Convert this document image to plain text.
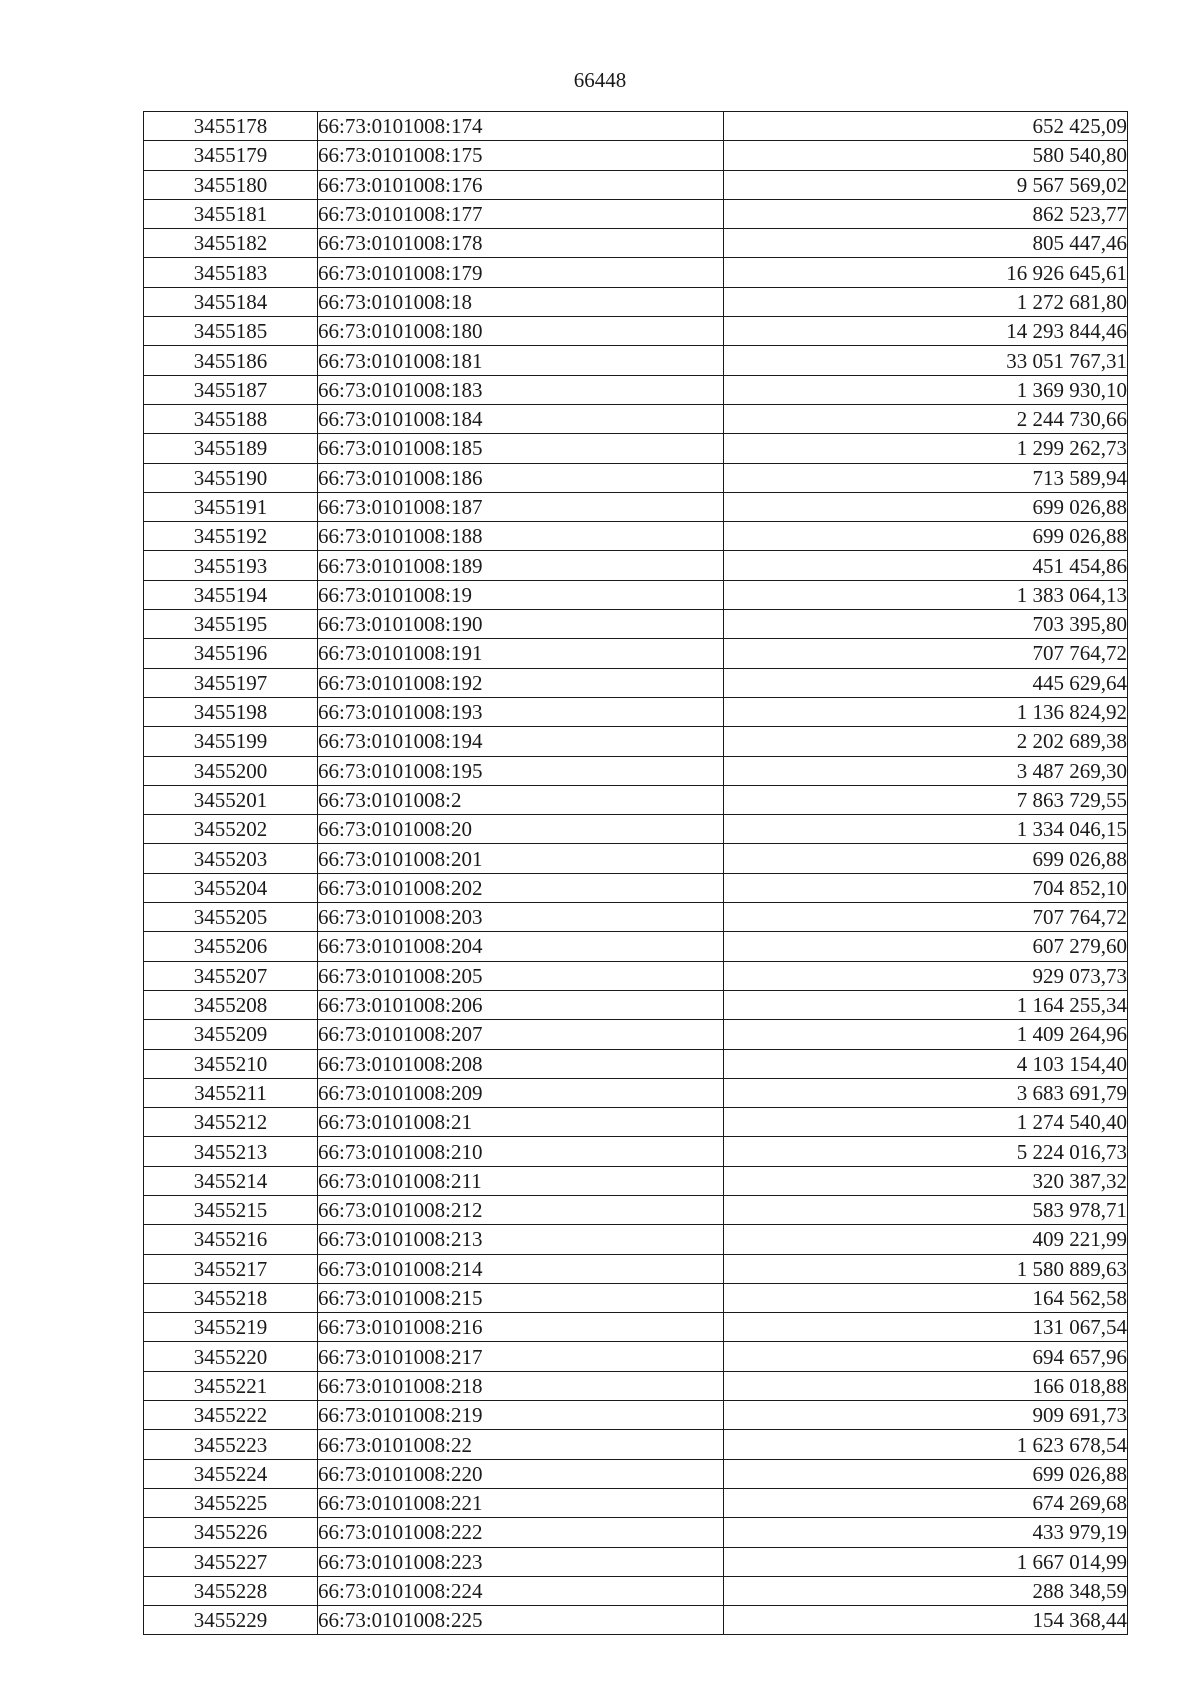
66448
3455178	66:73:0101008:174	652 425,09
3455179	66:73:0101008:175	580 540,80
3455180	66:73:0101008:176	9 567 569,02
3455181	66:73:0101008:177	862 523,77
3455182	66:73:0101008:178	805 447,46
3455183	66:73:0101008:179	16 926 645,61
3455184	66:73:0101008:18	1 272 681,80
3455185	66:73:0101008:180	14 293 844,46
3455186	66:73:0101008:181	33 051 767,31
3455187	66:73:0101008:183	1 369 930,10
3455188	66:73:0101008:184	2 244 730,66
3455189	66:73:0101008:185	1 299 262,73
3455190	66:73:0101008:186	713 589,94
3455191	66:73:0101008:187	699 026,88
3455192	66:73:0101008:188	699 026,88
3455193	66:73:0101008:189	451 454,86
3455194	66:73:0101008:19	1 383 064,13
3455195	66:73:0101008:190	703 395,80
3455196	66:73:0101008:191	707 764,72
3455197	66:73:0101008:192	445 629,64
3455198	66:73:0101008:193	1 136 824,92
3455199	66:73:0101008:194	2 202 689,38
3455200	66:73:0101008:195	3 487 269,30
3455201	66:73:0101008:2	7 863 729,55
3455202	66:73:0101008:20	1 334 046,15
3455203	66:73:0101008:201	699 026,88
3455204	66:73:0101008:202	704 852,10
3455205	66:73:0101008:203	707 764,72
3455206	66:73:0101008:204	607 279,60
3455207	66:73:0101008:205	929 073,73
3455208	66:73:0101008:206	1 164 255,34
3455209	66:73:0101008:207	1 409 264,96
3455210	66:73:0101008:208	4 103 154,40
3455211	66:73:0101008:209	3 683 691,79
3455212	66:73:0101008:21	1 274 540,40
3455213	66:73:0101008:210	5 224 016,73
3455214	66:73:0101008:211	320 387,32
3455215	66:73:0101008:212	583 978,71
3455216	66:73:0101008:213	409 221,99
3455217	66:73:0101008:214	1 580 889,63
3455218	66:73:0101008:215	164 562,58
3455219	66:73:0101008:216	131 067,54
3455220	66:73:0101008:217	694 657,96
3455221	66:73:0101008:218	166 018,88
3455222	66:73:0101008:219	909 691,73
3455223	66:73:0101008:22	1 623 678,54
3455224	66:73:0101008:220	699 026,88
3455225	66:73:0101008:221	674 269,68
3455226	66:73:0101008:222	433 979,19
3455227	66:73:0101008:223	1 667 014,99
3455228	66:73:0101008:224	288 348,59
3455229	66:73:0101008:225	154 368,44
